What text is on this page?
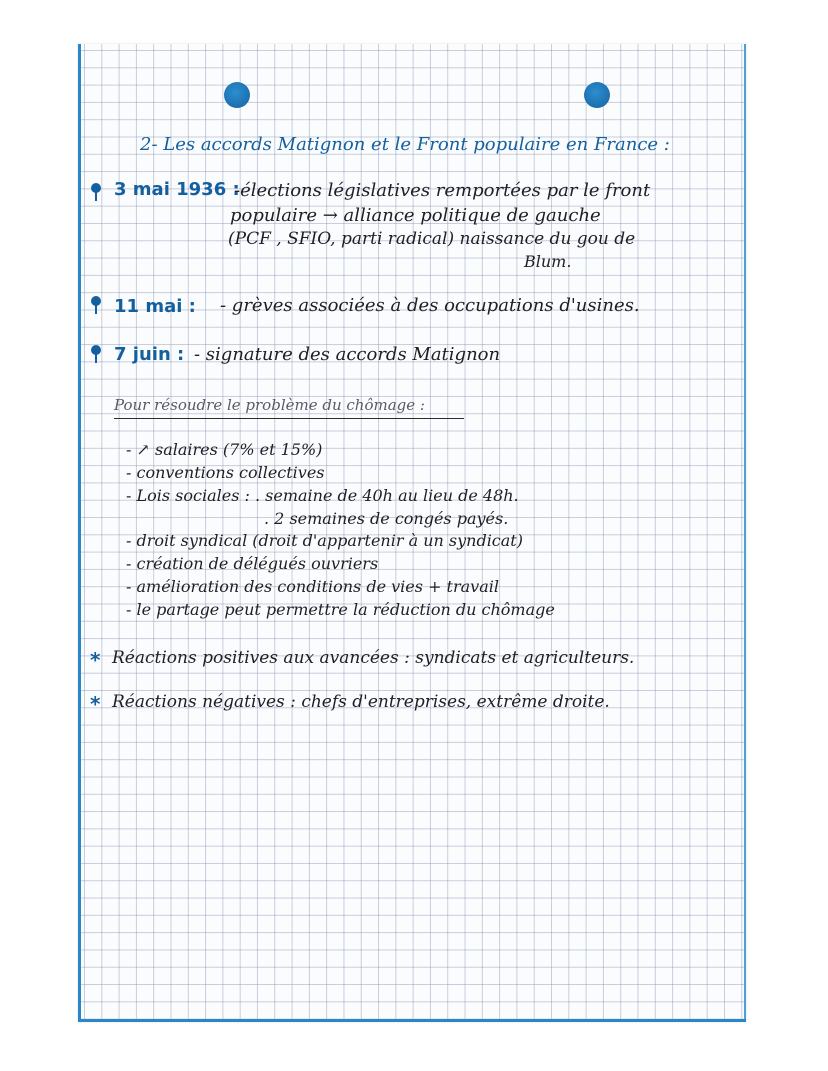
2- Les accords Matignon et le Front populaire en France :
3 mai 1936 :
-élections législatives remportées par le front
populaire → alliance politique de gauche
(PCF , SFIO, parti radical) naissance du gou de
Blum.
11 mai : - grèves associées à des occupations d'usines.
7 juin : - signature des accords Matignon
Pour résoudre le problème du chômage :
- ↗ salaires (7% et 15%)
- conventions collectives
- Lois sociales : . semaine de 40h au lieu de 48h.
. 2 semaines de congés payés.
- droit syndical (droit d'appartenir à un syndicat)
- création de délégués ouvriers
- amélioration des conditions de vies + travail
- le partage peut permettre la réduction du chômage
* Réactions positives aux avancées : syndicats et agriculteurs.
* Réactions négatives : chefs d'entreprises, extrême droite.
